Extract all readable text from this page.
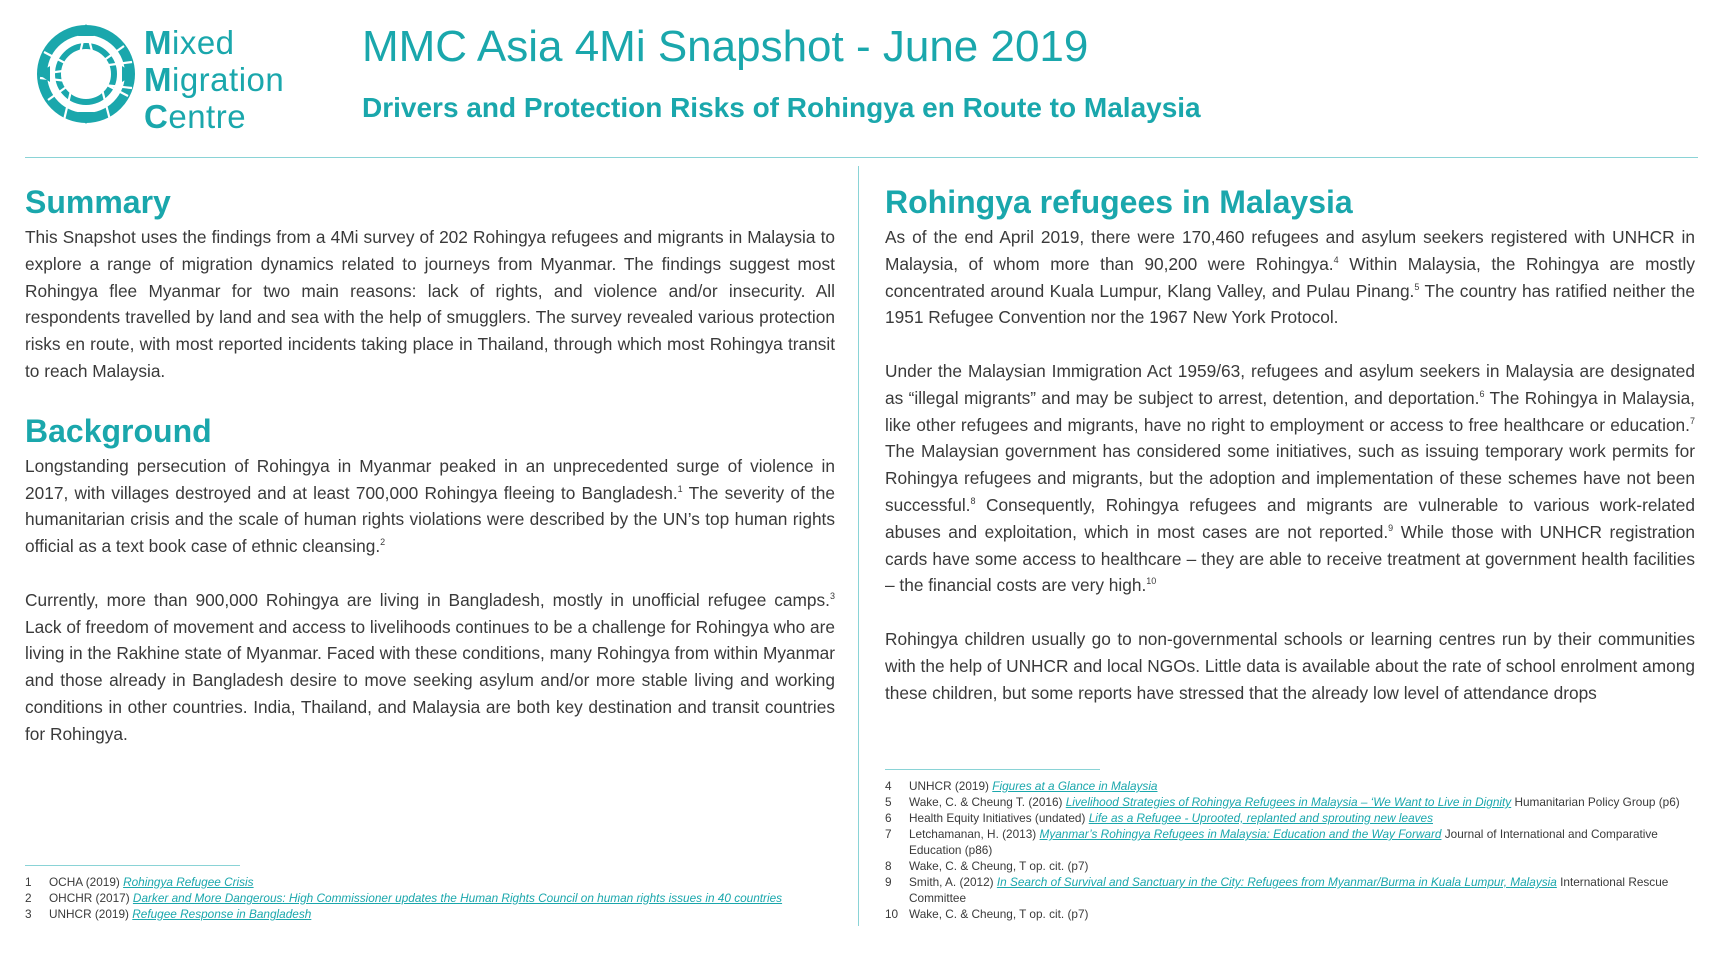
Mixed
Migration
Centre
MMC Asia 4Mi Snapshot - June 2019
Drivers and Protection Risks of Rohingya en Route to Malaysia
Summary

This Snapshot uses the findings from a 4Mi survey of 202 Rohingya refugees and migrants in Malaysia to explore a range of migration dynamics related to journeys from Myanmar. The findings suggest most Rohingya flee Myanmar for two main reasons: lack of rights, and violence and/or insecurity. All respondents travelled by land and sea with the help of smugglers. The survey revealed various protection risks en route, with most reported incidents taking place in Thailand, through which most Rohingya transit to reach Malaysia.

Background

Longstanding persecution of Rohingya in Myanmar peaked in an unprecedented surge of violence in 2017, with villages destroyed and at least 700,000 Rohingya fleeing to Bangladesh.$^1$ The severity of the humanitarian crisis and the scale of human rights violations were described by the UN’s top human rights official as a text book case of ethnic cleansing.$^2$

Currently, more than 900,000 Rohingya are living in Bangladesh, mostly in unofficial refugee camps.$^3$ Lack of freedom of movement and access to livelihoods continues to be a challenge for Rohingya who are living in the Rakhine state of Myanmar. Faced with these conditions, many Rohingya from within Myanmar and those already in Bangladesh desire to move seeking asylum and/or more stable living and working conditions in other countries. India, Thailand, and Malaysia are both key destination and transit countries for Rohingya.

Rohingya refugees in Malaysia

As of the end April 2019, there were 170,460 refugees and asylum seekers registered with UNHCR in Malaysia, of whom more than 90,200 were Rohingya.$^4$ Within Malaysia, the Rohingya are mostly concentrated around Kuala Lumpur, Klang Valley, and Pulau Pinang.$^5$ The country has ratified neither the 1951 Refugee Convention nor the 1967 New York Protocol.

Under the Malaysian Immigration Act 1959/63, refugees and asylum seekers in Malaysia are designated as “illegal migrants” and may be subject to arrest, detention, and deportation.$^6$ The Rohingya in Malaysia, like other refugees and migrants, have no right to employment or access to free healthcare or education.$^7$ The Malaysian government has considered some initiatives, such as issuing temporary work permits for Rohingya refugees and migrants, but the adoption and implementation of these schemes have not been successful.$^8$ Consequently, Rohingya refugees and migrants are vulnerable to various work-related abuses and exploitation, which in most cases are not reported.$^9$ While those with UNHCR registration cards have some access to healthcare – they are able to receive treatment at government health facilities – the financial costs are very high.$^{10}$

Rohingya children usually go to non-governmental schools or learning centres run by their communities with the help of UNHCR and local NGOs. Little data is available about the rate of school enrolment among these children, but some reports have stressed that the already low level of attendance drops

1 OCHA (2019) Rohingya Refugee Crisis
2 OHCHR (2017) Darker and More Dangerous: High Commissioner updates the Human Rights Council on human rights issues in 40 countries
3 UNHCR (2019) Refugee Response in Bangladesh
4 UNHCR (2019) Figures at a Glance in Malaysia
5 Wake, C. & Cheung T. (2016) Livelihood Strategies of Rohingya Refugees in Malaysia – ‘We Want to Live in Dignity Humanitarian Policy Group (p6)
6 Health Equity Initiatives (undated) Life as a Refugee - Uprooted, replanted and sprouting new leaves
7 Letchamanan, H. (2013) Myanmar’s Rohingya Refugees in Malaysia: Education and the Way Forward Journal of International and Comparative Education (p86)
8 Wake, C. & Cheung, T op. cit. (p7)
9 Smith, A. (2012) In Search of Survival and Sanctuary in the City: Refugees from Myanmar/Burma in Kuala Lumpur, Malaysia International Rescue Committee
10 Wake, C. & Cheung, T op. cit. (p7)
